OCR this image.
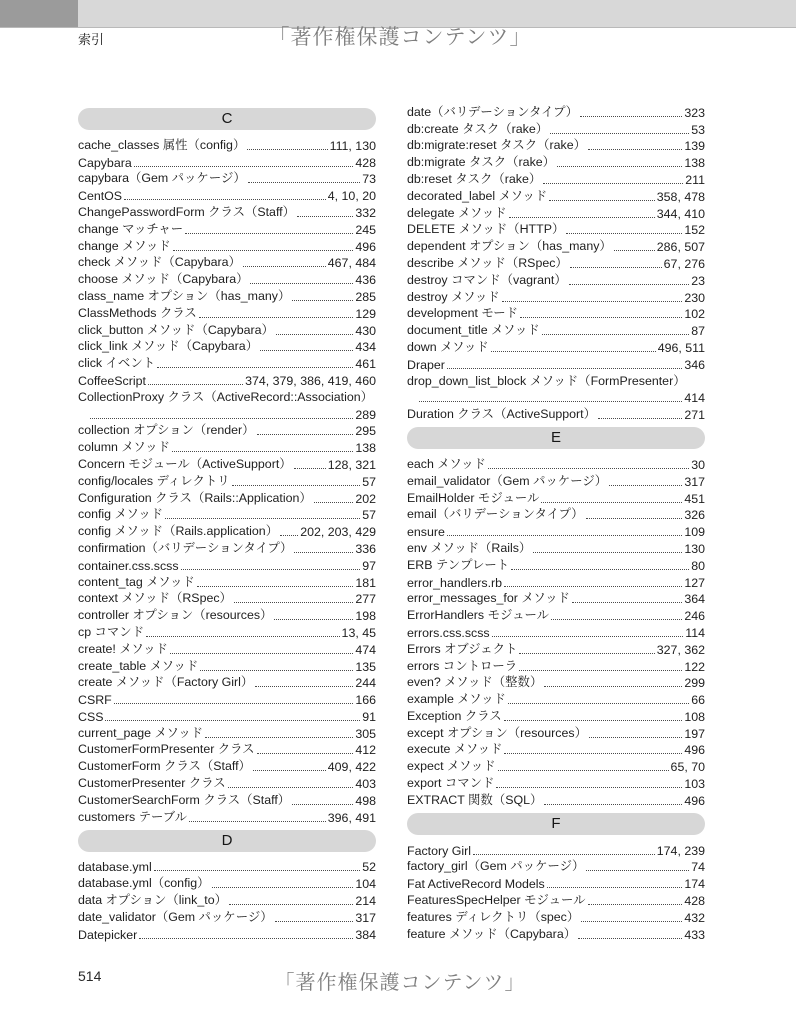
索引	「著作権保護コンテンツ」
C
cache_classes 属性（config）	111, 130
Capybara	428
capybara（Gem パッケージ）	73
CentOS	4, 10, 20
ChangePasswordForm クラス（Staff）	332
change マッチャー	245
change メソッド	496
check メソッド（Capybara）	467, 484
choose メソッド（Capybara）	436
class_name オプション（has_many）	285
ClassMethods クラス	129
click_button メソッド（Capybara）	430
click_link メソッド（Capybara）	434
click イベント	461
CoffeeScript	374, 379, 386, 419, 460
CollectionProxy クラス（ActiveRecord::Association）
289
collection オプション（render）	295
column メソッド	138
Concern モジュール（ActiveSupport）	128, 321
config/locales ディレクトリ	57
Configuration クラス（Rails::Application）	202
config メソッド	57
config メソッド（Rails.application） 202, 203, 429
confirmation（バリデーションタイプ）	336
container.css.scss	97
content_tag メソッド	181
context メソッド（RSpec）	277
controller オプション（resources）	198
cp コマンド	13, 45
create! メソッド	474
create_table メソッド	135
create メソッド（Factory Girl）	244
CSRF	166
CSS	91
current_page メソッド	305
CustomerFormPresenter クラス	412
CustomerForm クラス（Staff）	409, 422
CustomerPresenter クラス	403
CustomerSearchForm クラス（Staff）	498
customers テーブル	396, 491
D
database.yml	52
database.yml（config）	104
data オプション（link_to）	214
date_validator（Gem パッケージ）	317
Datepicker	384
date（バリデーションタイプ）	323
db:create タスク（rake）	53
db:migrate:reset タスク（rake）	139
db:migrate タスク（rake）	138
db:reset タスク（rake）	211
decorated_label メソッド	358, 478
delegate メソッド	344, 410
DELETE メソッド（HTTP）	152
dependent オプション（has_many）	286, 507
describe メソッド（RSpec）	67, 276
destroy コマンド（vagrant）	23
destroy メソッド	230
development モード	102
document_title メソッド	87
down メソッド	496, 511
Draper	346
drop_down_list_block メソッド（FormPresenter）
414
Duration クラス（ActiveSupport）	271
E
each メソッド	30
email_validator（Gem パッケージ）	317
EmailHolder モジュール	451
email（バリデーションタイプ）	326
ensure	109
env メソッド（Rails）	130
ERB テンプレート	80
error_handlers.rb	127
error_messages_for メソッド	364
ErrorHandlers モジュール	246
errors.css.scss	114
Errors オブジェクト	327, 362
errors コントローラ	122
even? メソッド（整数）	299
example メソッド	66
Exception クラス	108
except オプション（resources）	197
execute メソッド	496
expect メソッド	65, 70
export コマンド	103
EXTRACT 関数（SQL）	496
F
Factory Girl	174, 239
factory_girl（Gem パッケージ）	74
Fat ActiveRecord Models	174
FeaturesSpecHelper モジュール	428
features ディレクトリ（spec）	432
feature メソッド（Capybara）	433
514	「著作権保護コンテンツ」
